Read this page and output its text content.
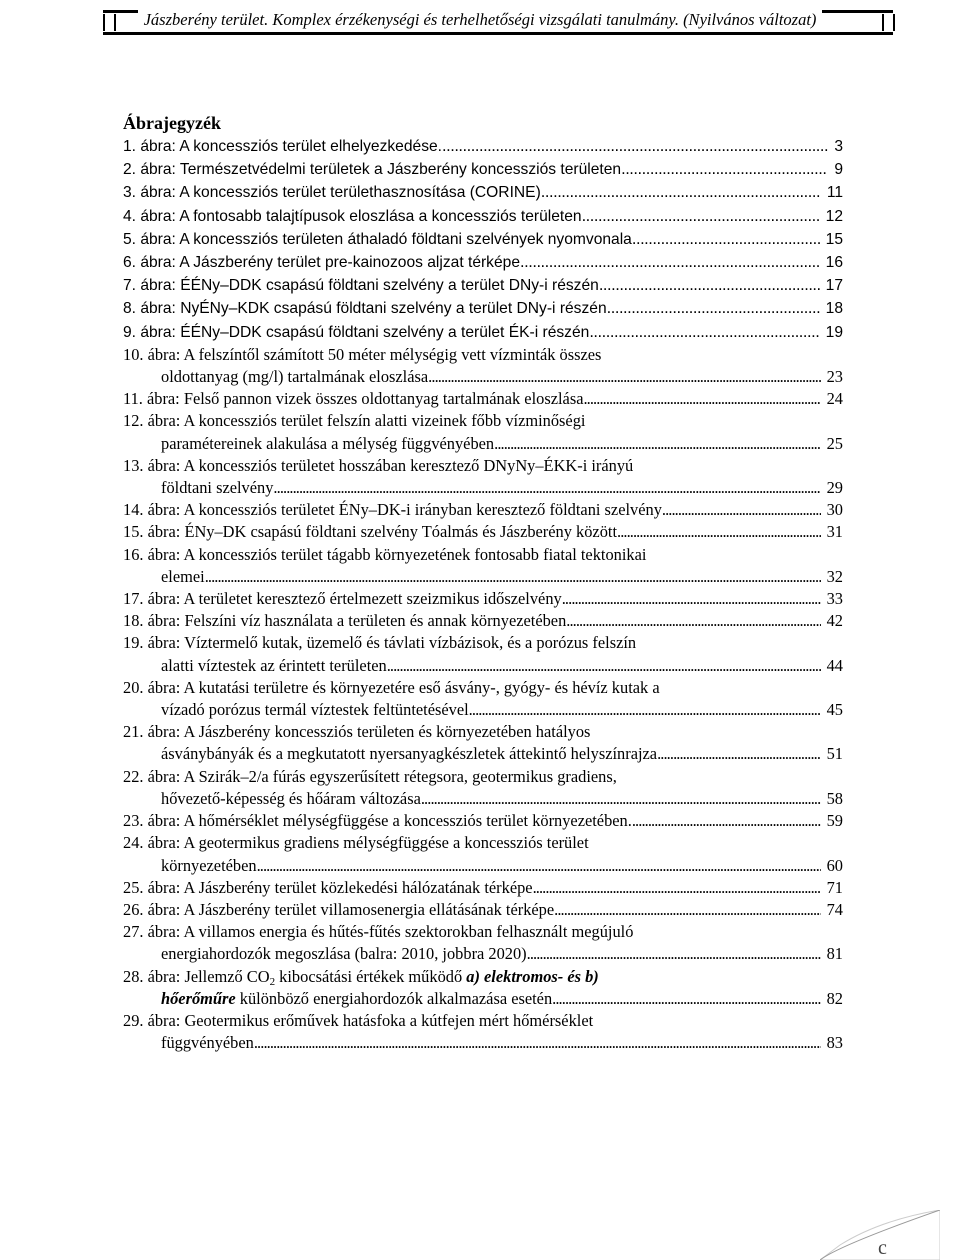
Jászberény terület. Komplex érzékenységi és terhelhetőségi vizsgálati tanulmány. (Nyilvános változat)
Ábrajegyzék
1. ábra: A koncessziós terület elhelyezkedése. . . .	3
2. ábra: Természetvédelmi területek a Jászberény koncessziós területen . . .	9
3. ábra: A koncessziós terület területhasznosítása (CORINE) . . .	11
4. ábra: A fontosabb talajtípusok eloszlása a koncessziós területen . . .	12
5. ábra: A koncessziós területen áthaladó földtani szelvények nyomvonala . . .	15
6. ábra: A Jászberény terület pre-kainozoos aljzat térképe . . .	16
7. ábra: ÉÉNy–DDK csapású földtani szelvény a terület DNy-i részén . . .	17
8. ábra: NyÉNy–KDK csapású földtani szelvény a terület DNy-i részén . . .	18
9. ábra: ÉÉNy–DDK csapású földtani szelvény a terület ÉK-i részén . . .	19
10. ábra: A felszíntől számított 50 méter mélységig vett vízminták összes
oldottanyag (mg/l) tartalmának eloszlása . . .	23
11. ábra: Felső pannon vizek összes oldottanyag tartalmának eloszlása . . .	24
12. ábra: A koncessziós terület felszín alatti vizeinek főbb vízminőségi
paramétereinek alakulása a mélység függvényében . . .	25
13. ábra: A koncessziós területet hosszában keresztező DNyNy–ÉKK-i irányú
földtani szelvény . . .	29
14. ábra: A koncessziós területet ÉNy–DK-i irányban keresztező földtani szelvény . . .	30
15. ábra: ÉNy–DK csapású földtani szelvény Tóalmás és Jászberény között . . .	31
16. ábra: A koncessziós terület tágabb környezetének fontosabb fiatal tektonikai
elemei . . .	32
17. ábra: A területet keresztező értelmezett szeizmikus időszelvény . . .	33
18. ábra: Felszíni víz használata a területen és annak környezetében . . .	42
19. ábra: Víztermelő kutak, üzemelő és távlati vízbázisok, és a porózus felszín
alatti víztestek az érintett területen . . .	44
20. ábra: A kutatási területre és környezetére eső ásvány-, gyógy- és hévíz kutak a
vízadó porózus termál víztestek feltüntetésével . . .	45
21. ábra: A Jászberény koncessziós területen és környezetében hatályos
ásványbányák és a megkutatott nyersanyagkészletek áttekintő helyszínrajza . . .	51
22. ábra: A Szirák–2/a fúrás egyszerűsített rétegsora, geotermikus gradiens,
hővezető-képesség és hőáram változása . . .	58
23. ábra: A hőmérséklet mélységfüggése a koncessziós terület környezetében. . . .	59
24. ábra: A geotermikus gradiens mélységfüggése a koncessziós terület
környezetében . . .	60
25. ábra: A Jászberény terület közlekedési hálózatának térképe . . .	71
26. ábra: A Jászberény terület villamosenergia ellátásának térképe . . .	74
27. ábra: A villamos energia és hűtés-fűtés szektorokban felhasznált megújuló
energiahordozók megoszlása (balra: 2010, jobbra 2020) . . .	81
28. ábra: Jellemző $CO_2$ kibocsátási értékek működő a) elektromos- és b)
hőerőműre különböző energiahordozók alkalmazása esetén . . .	82
29. ábra: Geotermikus erőművek hatásfoka a kútfejen mért hőmérséklet
függvényében . . .	83
c
